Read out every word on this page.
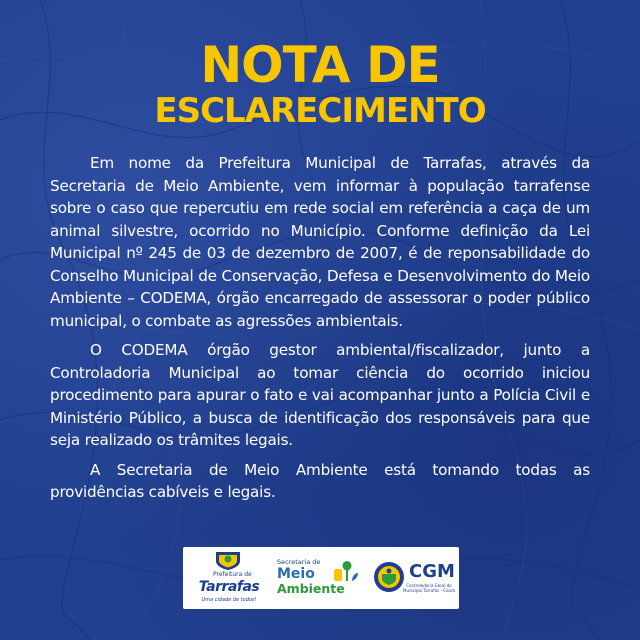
NOTA DE
ESCLARECIMENTO

Em nome da Prefeitura Municipal de Tarrafas, através da Secretaria de Meio Ambiente, vem informar à população tarrafense sobre o caso que repercutiu em rede social em referência a caça de um animal silvestre, ocorrido no Município. Conforme definição da Lei Municipal nº 245 de 03 de dezembro de 2007, é de reponsabilidade do Conselho Municipal de Conservação, Defesa e Desenvolvimento do Meio Ambiente – CODEMA, órgão encarregado de assessorar o poder público municipal, o combate as agressões ambientais.

O CODEMA órgão gestor ambiental/fiscalizador, junto a Controladoria Municipal ao tomar ciência do ocorrido iniciou procedimento para apurar o fato e vai acompanhar junto a Polícia Civil e Ministério Público, a busca de identificação dos responsáveis para que seja realizado os trâmites legais.

A Secretaria de Meio Ambiente está tomando todas as providências cabíveis e legais.

Prefeitura de
Tarrafas
Uma cidade de todos!
Secretaria de
Meio
Ambiente
CGM
Controladoria Geral do Município Tarrafas - Ceará
